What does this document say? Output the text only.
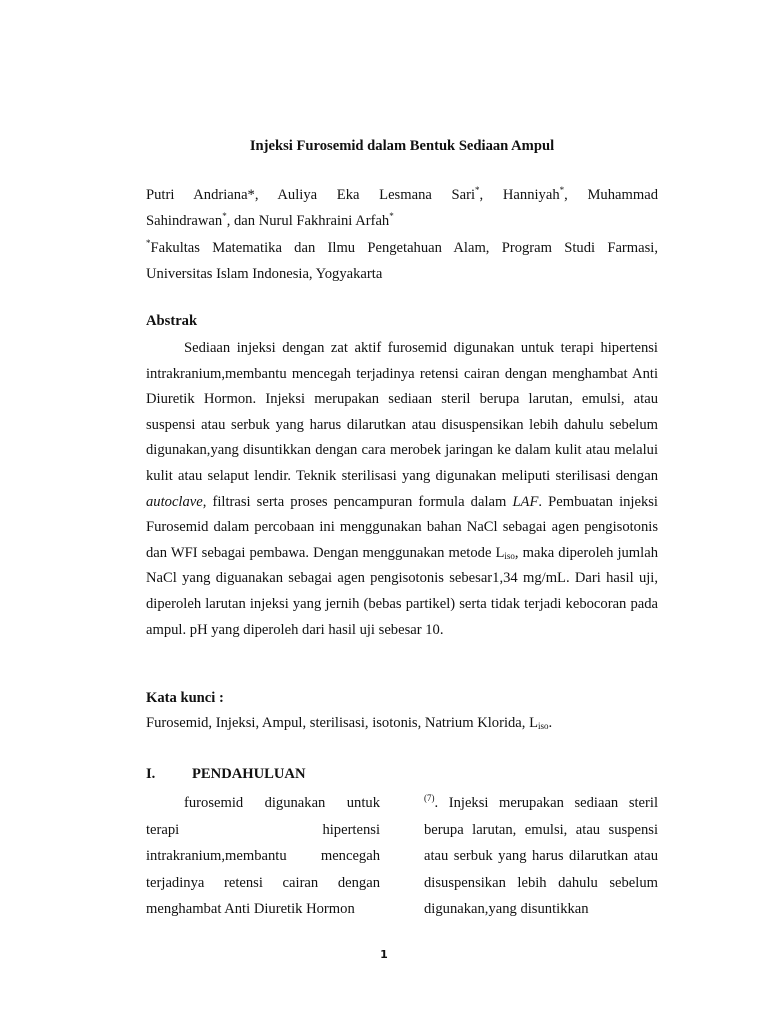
Injeksi Furosemid dalam Bentuk Sediaan Ampul
Putri Andriana*, Auliya Eka Lesmana Sari*, Hanniyah*, Muhammad
Sahindrawan*, dan Nurul Fakhraini Arfah*
*Fakultas Matematika dan Ilmu Pengetahuan Alam, Program Studi Farmasi,
Universitas Islam Indonesia, Yogyakarta
Abstrak

Sediaan injeksi dengan zat aktif furosemid digunakan untuk terapi hipertensi intrakranium,membantu mencegah terjadinya retensi cairan dengan menghambat Anti Diuretik Hormon. Injeksi merupakan sediaan steril berupa larutan, emulsi, atau suspensi atau serbuk yang harus dilarutkan atau disuspensikan lebih dahulu sebelum digunakan,yang disuntikkan dengan cara merobek jaringan ke dalam kulit atau melalui kulit atau selaput lendir. Teknik sterilisasi yang digunakan meliputi sterilisasi dengan autoclave, filtrasi serta proses pencampuran formula dalam LAF. Pembuatan injeksi Furosemid dalam percobaan ini menggunakan bahan NaCl sebagai agen pengisotonis dan WFI sebagai pembawa. Dengan menggunakan metode $L_{iso}$, maka diperoleh jumlah NaCl yang diguanakan sebagai agen pengisotonis sebesar1,34 mg/mL. Dari hasil uji, diperoleh larutan injeksi yang jernih (bebas partikel) serta tidak terjadi kebocoran pada ampul. pH yang diperoleh dari hasil uji sebesar 10.

Kata kunci :
Furosemid, Injeksi, Ampul, sterilisasi, isotonis, Natrium Klorida, $L_{iso}$.
I.	PENDAHULUAN

furosemid digunakan untuk terapi hipertensi intrakranium,membantu mencegah terjadinya retensi cairan dengan menghambat Anti Diuretik Hormon

$^{(7)}$. Injeksi merupakan sediaan steril berupa larutan, emulsi, atau suspensi atau serbuk yang harus dilarutkan atau disuspensikan lebih dahulu sebelum digunakan,yang disuntikkan

1
